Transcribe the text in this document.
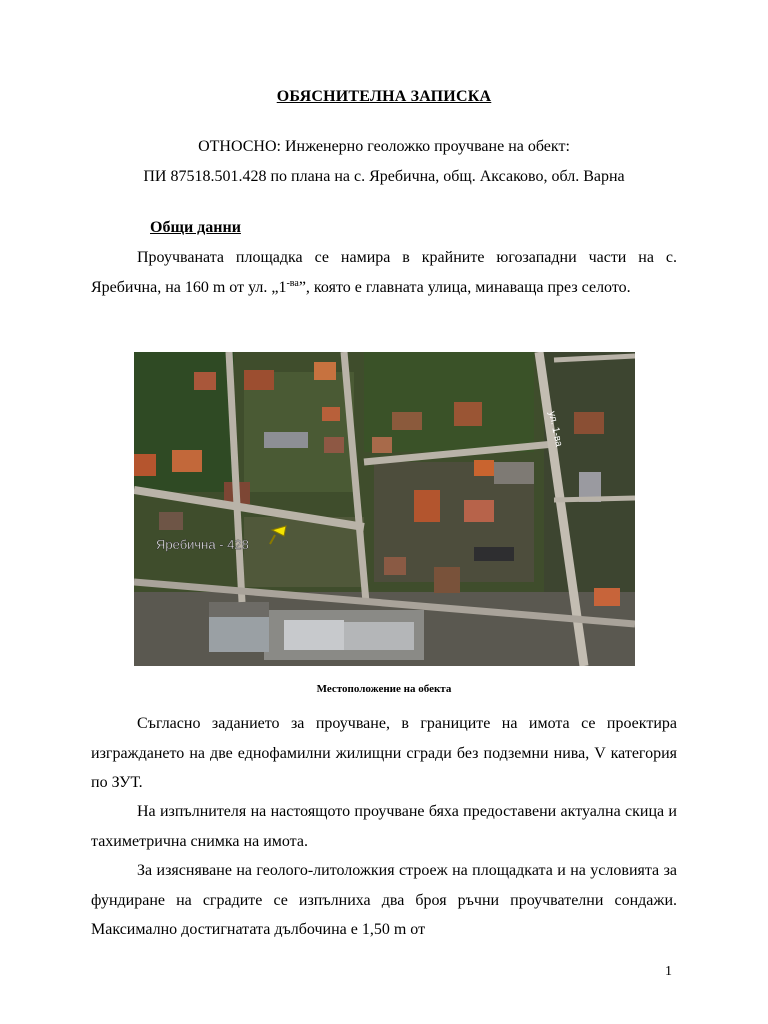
ОБЯСНИТЕЛНА ЗАПИСКА
ОТНОСНО: Инженерно геоложко проучване на обект:
ПИ 87518.501.428 по плана на с. Яребична, общ. Аксаково, обл. Варна
Общи данни

Проучваната площадка се намира в крайните югозападни части на с. Яребична, на 160 m от ул. $„1^{-ва}$”, която е главната улица, минаваща през селото.

Яребична - 428
ул. 1-ва
Местоположение на обекта

Съгласно заданието за проучване, в границите на имота се проектира изграждането на две еднофамилни жилищни сгради без подземни нива, V категория по ЗУТ.

На изпълнителя на настоящото проучване бяха предоставени актуална скица и тахиметрична снимка на имота.

За изясняване на геолого-литоложкия строеж на площадката и на условията за фундиране на сградите се изпълниха два броя ръчни проучвателни сондажи. Максимално достигнатата дълбочина е 1,50 m от

1
